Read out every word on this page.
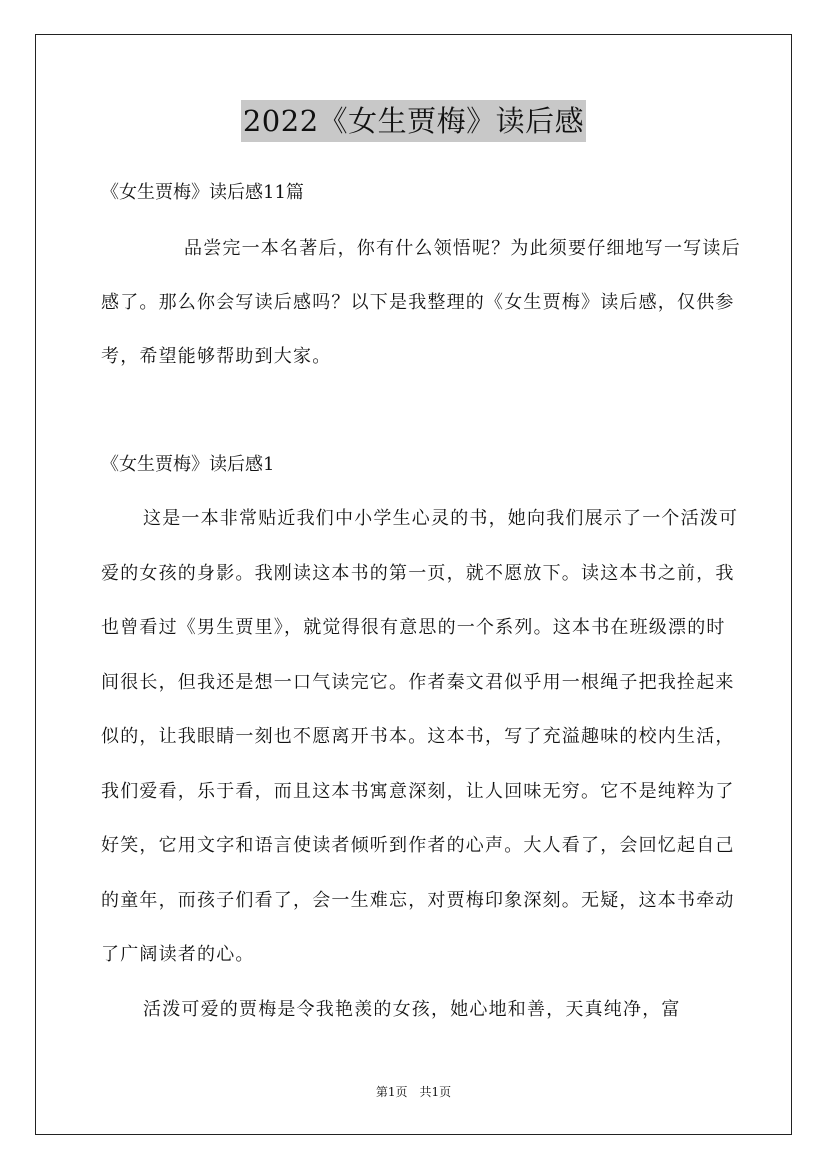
2022《女生贾梅》读后感
《女生贾梅》读后感11篇
品尝完一本名著后，你有什么领悟呢？为此须要仔细地写一写读后感了。那么你会写读后感吗？以下是我整理的《女生贾梅》读后感，仅供参考，希望能够帮助到大家。
《女生贾梅》读后感1
这是一本非常贴近我们中小学生心灵的书，她向我们展示了一个活泼可爱的女孩的身影。我刚读这本书的第一页，就不愿放下。读这本书之前，我也曾看过《男生贾里》，就觉得很有意思的一个系列。这本书在班级漂的时间很长，但我还是想一口气读完它。作者秦文君似乎用一根绳子把我拴起来似的，让我眼睛一刻也不愿离开书本。这本书，写了充溢趣味的校内生活，我们爱看，乐于看，而且这本书寓意深刻，让人回味无穷。它不是纯粹为了好笑，它用文字和语言使读者倾听到作者的心声。大人看了，会回忆起自己的童年，而孩子们看了，会一生难忘，对贾梅印象深刻。无疑，这本书牵动了广阔读者的心。
活泼可爱的贾梅是令我艳羡的女孩，她心地和善，天真纯净，富
第1页　共1页
